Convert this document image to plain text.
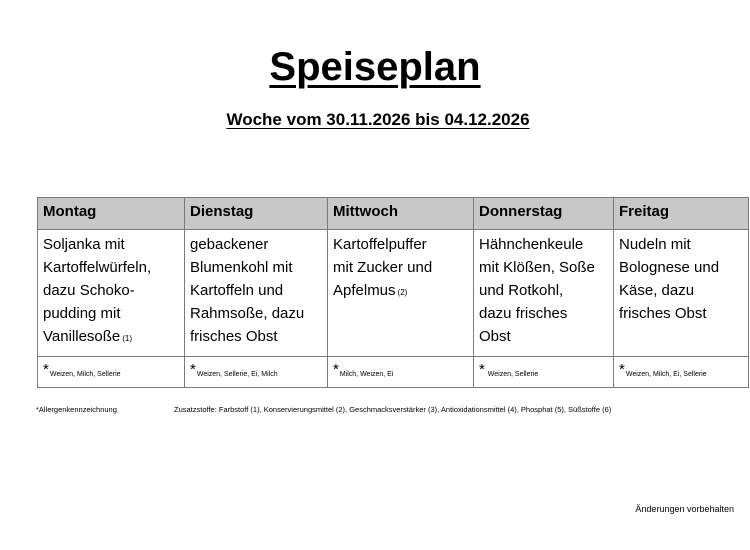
Speiseplan
Woche vom 30.11.2026 bis 04.12.2026
Montag	Dienstag	Mittwoch	Donnerstag	Freitag
Soljanka mit
Kartoffelwürfeln,
dazu Schoko-
pudding mit
Vanillesoße (1)	gebackener
Blumenkohl mit
Kartoffeln und
Rahmsoße, dazu
frisches Obst	Kartoffelpuffer
mit Zucker und
Apfelmus (2)	Hähnchenkeule
mit Klößen, Soße
und Rotkohl,
dazu frisches
Obst	Nudeln mit
Bolognese und
Käse, dazu
frisches Obst
*Weizen, Milch, Sellerie	*Weizen, Sellerie, Ei, Milch	*Milch, Weizen, Ei	* Weizen, Sellerie	*Weizen, Milch, Ei, Sellerie
*Allergenkennzeichnung	Zusatzstoffe: Farbstoff (1), Konservierungsmittel (2), Geschmacksverstärker (3), Antioxidationsmittel (4), Phosphat (5), Süßstoffe (6)
Änderungen vorbehalten
